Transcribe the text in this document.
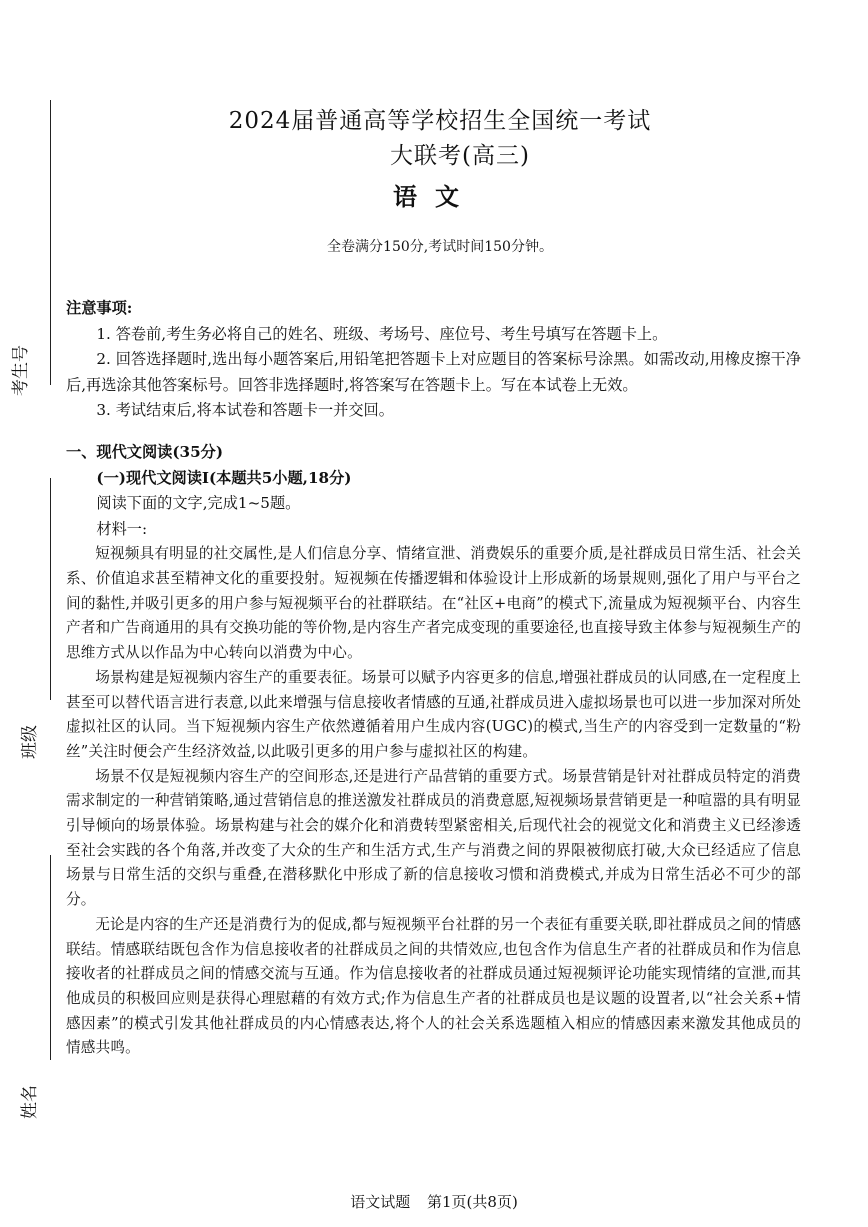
考生号
班级
姓名
2024届普通高等学校招生全国统一考试
大联考(高三)
语文
全卷满分150分,考试时间150分钟。

注意事项:

1. 答卷前,考生务必将自己的姓名、班级、考场号、座位号、考生号填写在答题卡上。

2. 回答选择题时,选出每小题答案后,用铅笔把答题卡上对应题目的答案标号涂黑。如需改动,用橡皮擦干净后,再选涂其他答案标号。回答非选择题时,将答案写在答题卡上。写在本试卷上无效。

3. 考试结束后,将本试卷和答题卡一并交回。

一、现代文阅读(35分)

(一)现代文阅读Ⅰ(本题共5小题,18分)

阅读下面的文字,完成1~5题。

材料一:

短视频具有明显的社交属性,是人们信息分享、情绪宣泄、消费娱乐的重要介质,是社群成员日常生活、社会关系、价值追求甚至精神文化的重要投射。短视频在传播逻辑和体验设计上形成新的场景规则,强化了用户与平台之间的黏性,并吸引更多的用户参与短视频平台的社群联结。在“社区+电商”的模式下,流量成为短视频平台、内容生产者和广告商通用的具有交换功能的等价物,是内容生产者完成变现的重要途径,也直接导致主体参与短视频生产的思维方式从以作品为中心转向以消费为中心。

场景构建是短视频内容生产的重要表征。场景可以赋予内容更多的信息,增强社群成员的认同感,在一定程度上甚至可以替代语言进行表意,以此来增强与信息接收者情感的互通,社群成员进入虚拟场景也可以进一步加深对所处虚拟社区的认同。当下短视频内容生产依然遵循着用户生成内容(UGC)的模式,当生产的内容受到一定数量的“粉丝”关注时便会产生经济效益,以此吸引更多的用户参与虚拟社区的构建。

场景不仅是短视频内容生产的空间形态,还是进行产品营销的重要方式。场景营销是针对社群成员特定的消费需求制定的一种营销策略,通过营销信息的推送激发社群成员的消费意愿,短视频场景营销更是一种喧嚣的具有明显引导倾向的场景体验。场景构建与社会的媒介化和消费转型紧密相关,后现代社会的视觉文化和消费主义已经渗透至社会实践的各个角落,并改变了大众的生产和生活方式,生产与消费之间的界限被彻底打破,大众已经适应了信息场景与日常生活的交织与重叠,在潜移默化中形成了新的信息接收习惯和消费模式,并成为日常生活必不可少的部分。

无论是内容的生产还是消费行为的促成,都与短视频平台社群的另一个表征有重要关联,即社群成员之间的情感联结。情感联结既包含作为信息接收者的社群成员之间的共情效应,也包含作为信息生产者的社群成员和作为信息接收者的社群成员之间的情感交流与互通。作为信息接收者的社群成员通过短视频评论功能实现情绪的宣泄,而其他成员的积极回应则是获得心理慰藉的有效方式;作为信息生产者的社群成员也是议题的设置者,以“社会关系+情感因素”的模式引发其他社群成员的内心情感表达,将个人的社会关系选题植入相应的情感因素来激发其他成员的情感共鸣。

语文试题 第1页(共8页)
